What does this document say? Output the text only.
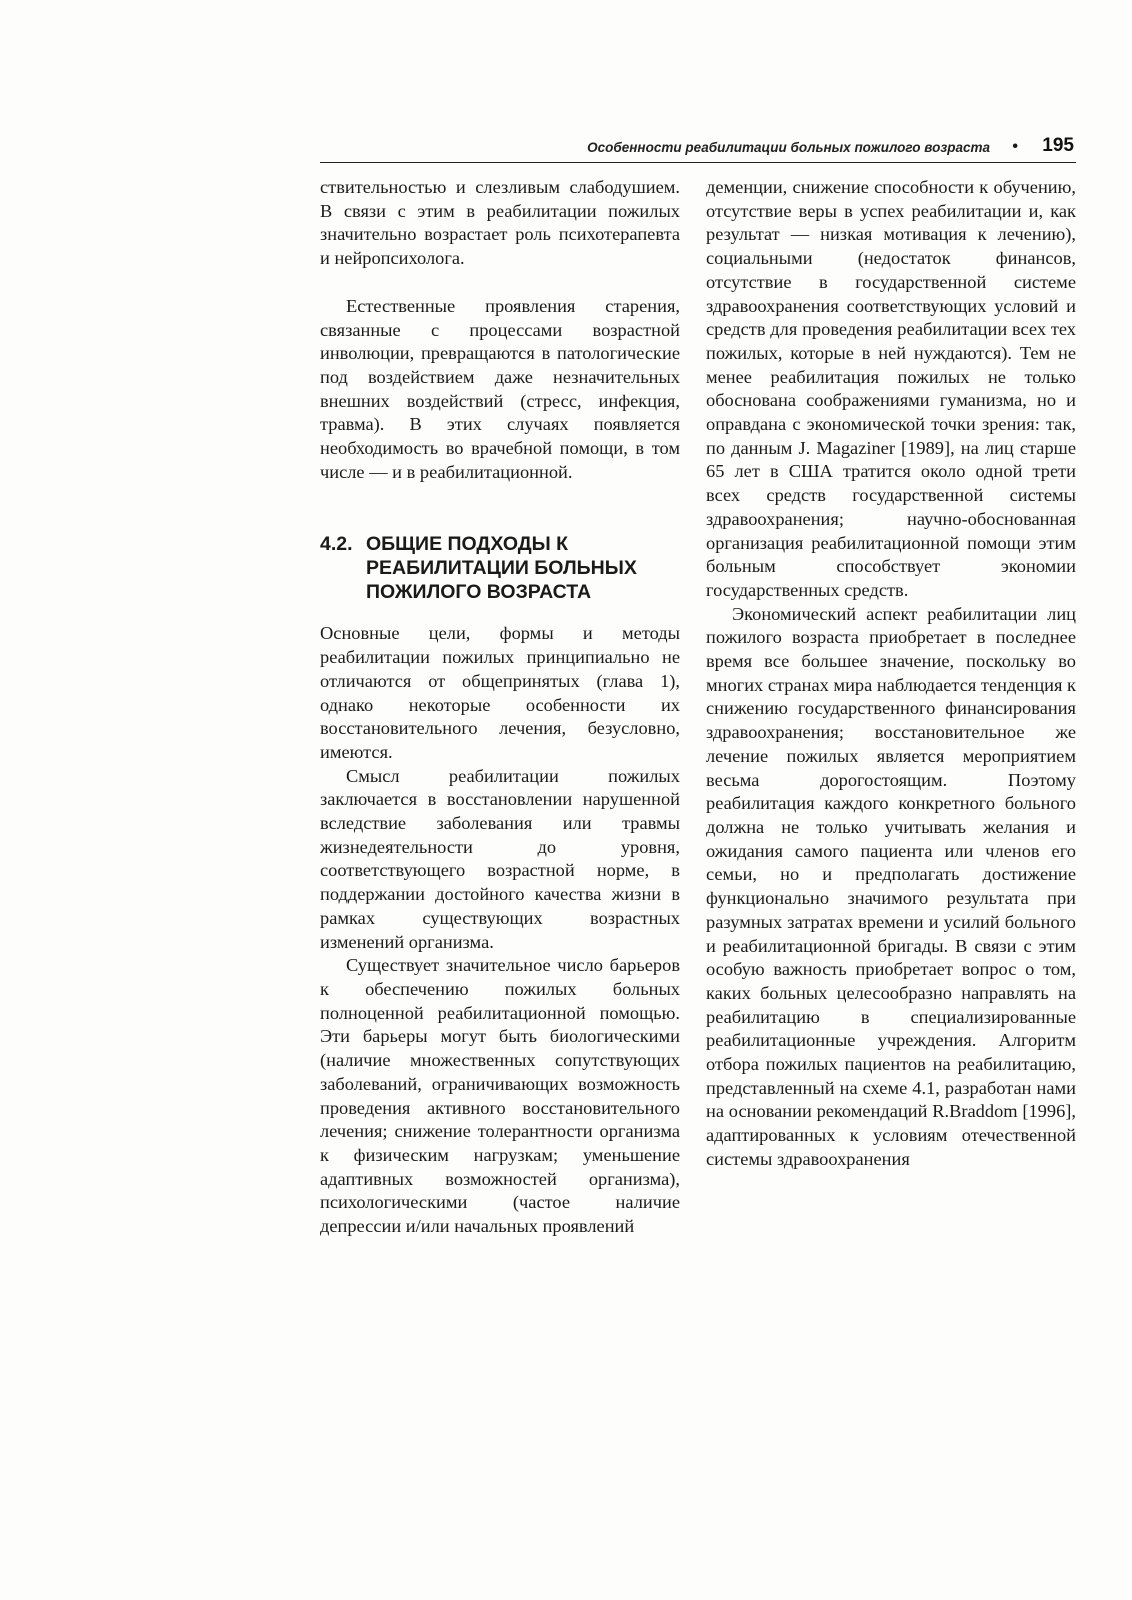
Особенности реабилитации больных пожилого возраста • 195

ствительностью и слезливым слабодушием. В связи с этим в реабилитации пожилых значительно возрастает роль психотерапевта и нейропсихолога.

Естественные проявления старения, связанные с процессами возрастной инволюции, превращаются в патологические под воздействием даже незначительных внешних воздействий (стресс, инфекция, травма). В этих случаях появляется необходимость во врачебной помощи, в том числе — и в реабилитационной.

4.2. ОБЩИЕ ПОДХОДЫ К РЕАБИЛИТАЦИИ БОЛЬНЫХ ПОЖИЛОГО ВОЗРАСТА

Основные цели, формы и методы реабилитации пожилых принципиально не отличаются от общепринятых (глава 1), однако некоторые особенности их восстановительного лечения, безусловно, имеются.

Смысл реабилитации пожилых заключается в восстановлении нарушенной вследствие заболевания или травмы жизнедеятельности до уровня, соответствующего возрастной норме, в поддержании достойного качества жизни в рамках существующих возрастных изменений организма.

Существует значительное число барьеров к обеспечению пожилых больных полноценной реабилитационной помощью. Эти барьеры могут быть биологическими (наличие множественных сопутствующих заболеваний, ограничивающих возможность проведения активного восстановительного лечения; снижение толерантности организма к физическим нагрузкам; уменьшение адаптивных возможностей организма), психологическими (частое наличие депрессии и/или начальных проявлений

деменции, снижение способности к обучению, отсутствие веры в успех реабилитации и, как результат — низкая мотивация к лечению), социальными (недостаток финансов, отсутствие в государственной системе здравоохранения соответствующих условий и средств для проведения реабилитации всех тех пожилых, которые в ней нуждаются). Тем не менее реабилитация пожилых не только обоснована соображениями гуманизма, но и оправдана с экономической точки зрения: так, по данным J. Magaziner [1989], на лиц старше 65 лет в США тратится около одной трети всех средств государственной системы здравоохранения; научно-обоснованная организация реабилитационной помощи этим больным способствует экономии государственных средств.

Экономический аспект реабилитации лиц пожилого возраста приобретает в последнее время все большее значение, поскольку во многих странах мира наблюдается тенденция к снижению государственного финансирования здравоохранения; восстановительное же лечение пожилых является мероприятием весьма дорогостоящим. Поэтому реабилитация каждого конкретного больного должна не только учитывать желания и ожидания самого пациента или членов его семьи, но и предполагать достижение функционально значимого результата при разумных затратах времени и усилий больного и реабилитационной бригады. В связи с этим особую важность приобретает вопрос о том, каких больных целесообразно направлять на реабилитацию в специализированные реабилитационные учреждения. Алгоритм отбора пожилых пациентов на реабилитацию, представленный на схеме 4.1, разработан нами на основании рекомендаций R.Braddom [1996], адаптированных к условиям отечественной системы здравоохранения
